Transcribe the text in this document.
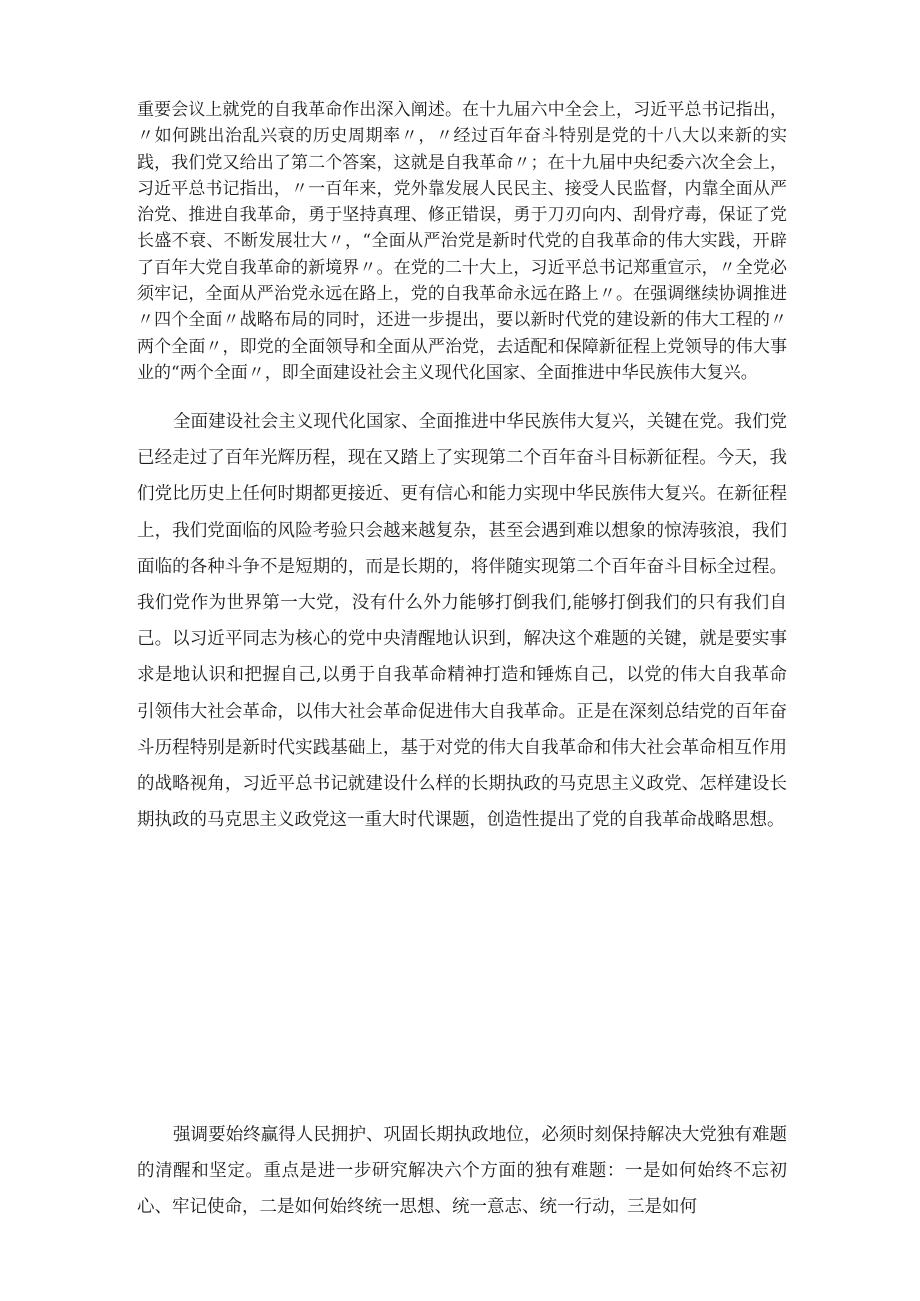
重要会议上就党的自我革命作出深入阐述。在十九届六中全会上，习近平总书记指出，〃如何跳出治乱兴衰的历史周期率〃，〃经过百年奋斗特别是党的十八大以来新的实践，我们党又给出了第二个答案，这就是自我革命〃；在十九届中央纪委六次全会上，习近平总书记指出，〃一百年来，党外靠发展人民民主、接受人民监督，内靠全面从严治党、推进自我革命，勇于坚持真理、修正错误，勇于刀刃向内、刮骨疗毒，保证了党长盛不衰、不断发展壮大〃，“全面从严治党是新时代党的自我革命的伟大实践，开辟了百年大党自我革命的新境界〃。在党的二十大上，习近平总书记郑重宣示，〃全党必须牢记，全面从严治党永远在路上，党的自我革命永远在路上〃。在强调继续协调推进〃四个全面〃战略布局的同时，还进一步提出，要以新时代党的建设新的伟大工程的〃两个全面〃，即党的全面领导和全面从严治党，去适配和保障新征程上党领导的伟大事业的“两个全面〃，即全面建设社会主义现代化国家、全面推进中华民族伟大复兴。

全面建设社会主义现代化国家、全面推进中华民族伟大复兴，关键在党。我们党已经走过了百年光辉历程，现在又踏上了实现第二个百年奋斗目标新征程。今天，我们党比历史上任何时期都更接近、更有信心和能力实现中华民族伟大复兴。在新征程上，我们党面临的风险考验只会越来越复杂，甚至会遇到难以想象的惊涛骇浪，我们面临的各种斗争不是短期的，而是长期的，将伴随实现第二个百年奋斗目标全过程。我们党作为世界第一大党，没有什么外力能够打倒我们,能够打倒我们的只有我们自己。以习近平同志为核心的党中央清醒地认识到，解决这个难题的关键，就是要实事求是地认识和把握自己,以勇于自我革命精神打造和锤炼自己，以党的伟大自我革命引领伟大社会革命，以伟大社会革命促进伟大自我革命。正是在深刻总结党的百年奋斗历程特别是新时代实践基础上，基于对党的伟大自我革命和伟大社会革命相互作用的战略视角，习近平总书记就建设什么样的长期执政的马克思主义政党、怎样建设长期执政的马克思主义政党这一重大时代课题，创造性提出了党的自我革命战略思想。

强调要始终赢得人民拥护、巩固长期执政地位，必须时刻保持解决大党独有难题的清醒和坚定。重点是进一步研究解决六个方面的独有难题：一是如何始终不忘初心、牢记使命，二是如何始终统一思想、统一意志、统一行动，三是如何
